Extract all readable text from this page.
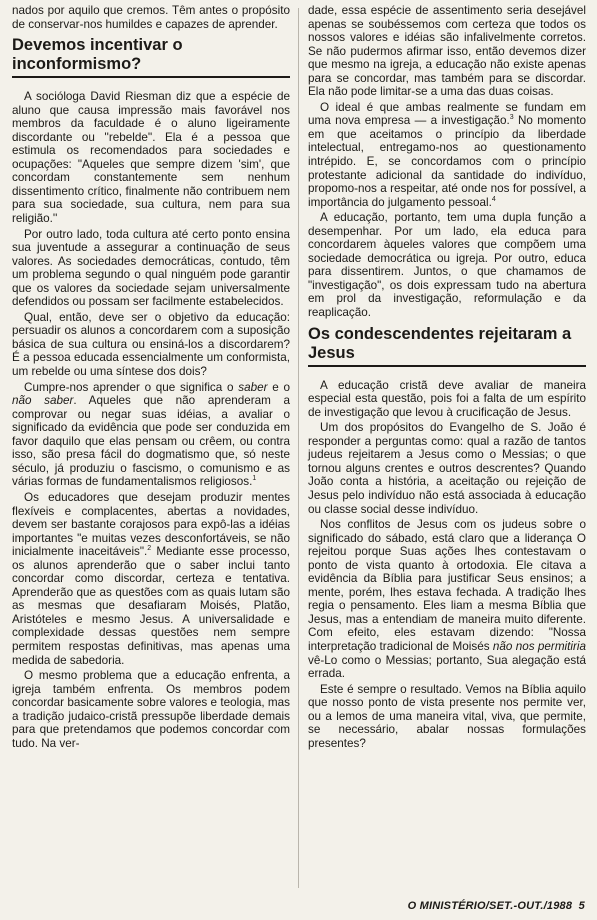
nados por aquilo que cremos. Têm antes o propósito de conservar-nos humildes e capazes de aprender.

Devemos incentivar o inconformismo?

A socióloga David Riesman diz que a espécie de aluno que causa impressão mais favorável nos membros da faculdade é o aluno ligeiramente discordante ou ''rebelde''. Ela é a pessoa que estimula os recomendados para sociedades e ocupações: "Aqueles que sempre dizem 'sim', que concordam constantemente sem nenhum dissentimento crítico, finalmente não contribuem nem para sua sociedade, sua cultura, nem para sua religião.''

Por outro lado, toda cultura até certo ponto ensina sua juventude a assegurar a continuação de seus valores. As sociedades democráticas, contudo, têm um problema segundo o qual ninguém pode garantir que os valores da sociedade sejam universalmente defendidos ou possam ser facilmente estabelecidos.

Qual, então, deve ser o objetivo da educação: persuadir os alunos a concordarem com a suposição básica de sua cultura ou ensiná-los a discordarem? É a pessoa educada essencialmente um conformista, um rebelde ou uma síntese dos dois?

Cumpre-nos aprender o que significa o saber e o não saber. Aqueles que não aprenderam a comprovar ou negar suas idéias, a avaliar o significado da evidência que pode ser conduzida em favor daquilo que elas pensam ou crêem, ou contra isso, são presa fácil do dogmatismo que, só neste século, já produziu o fascismo, o comunismo e as várias formas de fundamentalismos religiosos.$^1$

Os educadores que desejam produzir mentes flexíveis e complacentes, abertas a novidades, devem ser bastante corajosos para expô-las a idéias importantes "e muitas vezes desconfortáveis, se não inicialmente inaceitáveis".$^2$ Mediante esse processo, os alunos aprenderão que o saber inclui tanto concordar como discordar, certeza e tentativa. Aprenderão que as questões com as quais lutam são as mesmas que desafiaram Moisés, Platão, Aristóteles e mesmo Jesus. A universalidade e complexidade dessas questões nem sempre permitem respostas definitivas, mas apenas uma medida de sabedoria.

O mesmo problema que a educação enfrenta, a igreja também enfrenta. Os membros podem concordar basicamente sobre valores e teologia, mas a tradição judaico-cristã pressupõe liberdade demais para que pretendamos que podemos concordar com tudo. Na ver-

dade, essa espécie de assentimento seria desejável apenas se soubéssemos com certeza que todos os nossos valores e idéias são infalivelmente corretos. Se não pudermos afirmar isso, então devemos dizer que mesmo na igreja, a educação não existe apenas para se concordar, mas também para se discordar. Ela não pode limitar-se a uma das duas coisas.

O ideal é que ambas realmente se fundam em uma nova empresa — a investigação.$^3$ No momento em que aceitamos o princípio da liberdade intelectual, entregamo-nos ao questionamento intrépido. E, se concordamos com o princípio protestante adicional da santidade do indivíduo, propomo-nos a respeitar, até onde nos for possível, a importância do julgamento pessoal.$^4$

A educação, portanto, tem uma dupla função a desempenhar. Por um lado, ela educa para concordarem àqueles valores que compõem uma sociedade democrática ou igreja. Por outro, educa para dissentirem. Juntos, o que chamamos de "investigação", os dois expressam tudo na abertura em prol da investigação, reformulação e da reaplicação.

Os condescendentes rejeitaram a Jesus

A educação cristã deve avaliar de maneira especial esta questão, pois foi a falta de um espírito de investigação que levou à crucificação de Jesus.

Um dos propósitos do Evangelho de S. João é responder a perguntas como: qual a razão de tantos judeus rejeitarem a Jesus como o Messias; o que tornou alguns crentes e outros descrentes? Quando João conta a história, a aceitação ou rejeição de Jesus pelo indivíduo não está associada à educação ou classe social desse indivíduo.

Nos conflitos de Jesus com os judeus sobre o significado do sábado, está claro que a liderança O rejeitou porque Suas ações lhes contestavam o ponto de vista quanto à ortodoxia. Ele citava a evidência da Bíblia para justificar Seus ensinos; a mente, porém, lhes estava fechada. A tradição lhes regia o pensamento. Eles liam a mesma Bíblia que Jesus, mas a entendiam de maneira muito diferente. Com efeito, eles estavam dizendo: "Nossa interpretação tradicional de Moisés não nos permitiria vê-Lo como o Messias; portanto, Sua alegação está errada.

Este é sempre o resultado. Vemos na Bíblia aquilo que nosso ponto de vista presente nos permite ver, ou a lemos de uma maneira vital, viva, que permite, se necessário, abalar nossas formulações presentes?

O MINISTÉRIO/SET.-OUT./1988 5
